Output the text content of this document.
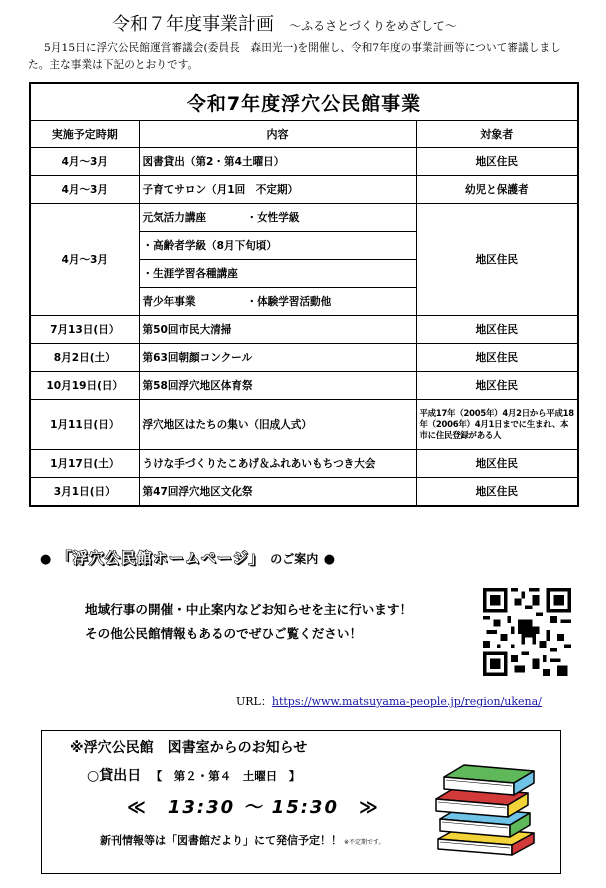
令和７年度事業計画 ～ふるさとづくりをめざして～
5月15日に浮穴公民館運営審議会(委員長　森田光一)を開催し、令和7年度の事業計画等について審議しました。主な事業は下記のとおりです。
令和7年度浮穴公民館事業		
実施予定時期	内容	対象者
4月～3月	図書貸出（第2・第4土曜日）	地区住民
4月～3月	子育てサロン（月1回　不定期）	幼児と保護者
4月～3月	元気活力講座 ・女性学級	地区住民
	・高齢者学級（8月下旬頃）	
	・生涯学習各種講座	
	青少年事業 ・体験学習活動他	
7月13日(日）	第50回市民大清掃	地区住民
8月2日(土）	第63回朝顔コンクール	地区住民
10月19日(日）	第58回浮穴地区体育祭	地区住民
1月11日(日）	浮穴地区はたちの集い（旧成人式）	平成17年（2005年）4月2日から平成18年（2006年）4月1日までに生まれ、本市に住民登録がある人
1月17日(土）	うけな手づくりたこあげ＆ふれあいもちつき大会	地区住民
3月1日(日）	第47回浮穴地区文化祭	地区住民
● 「浮穴公民館ホームページ」 のご案内 ●
地域行事の開催・中止案内などお知らせを主に行います！
その他公民館情報もあるのでぜひご覧ください！
URL：https://www.matsuyama-people.jp/region/ukena/
※浮穴公民館　図書室からのお知らせ
○貸出日 【　第２・第４　土曜日　】
≪　13:30 ～ 15:30　≫
新刊情報等は「図書館だより」にて発信予定！！ ※不定期です。
